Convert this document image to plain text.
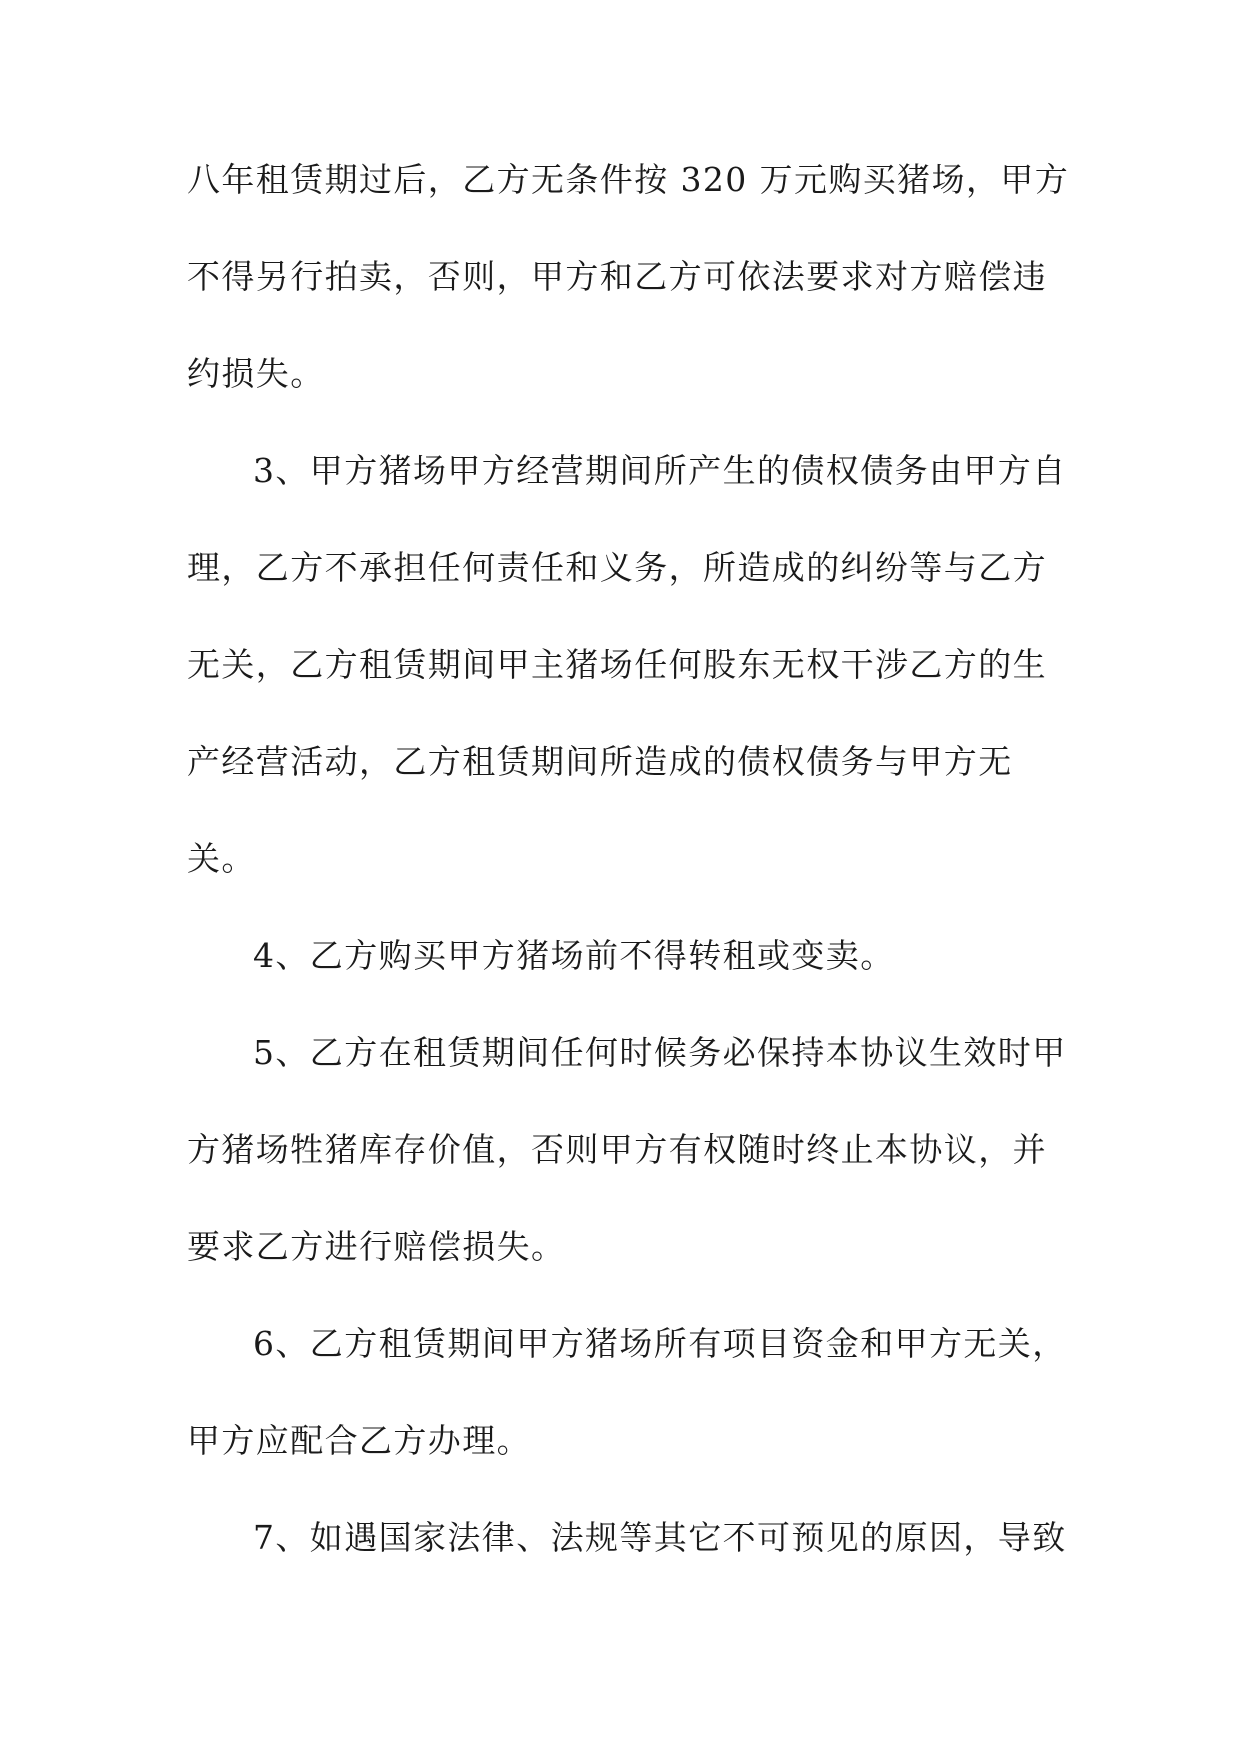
八年租赁期过后，乙方无条件按 320 万元购买猪场，甲方

不得另行拍卖，否则，甲方和乙方可依法要求对方赔偿违

约损失。

3、甲方猪场甲方经营期间所产生的债权债务由甲方自

理，乙方不承担任何责任和义务，所造成的纠纷等与乙方

无关，乙方租赁期间甲主猪场任何股东无权干涉乙方的生

产经营活动，乙方租赁期间所造成的债权债务与甲方无

关。

4、乙方购买甲方猪场前不得转租或变卖。

5、乙方在租赁期间任何时候务必保持本协议生效时甲

方猪场牲猪库存价值，否则甲方有权随时终止本协议，并

要求乙方进行赔偿损失。

6、乙方租赁期间甲方猪场所有项目资金和甲方无关，

甲方应配合乙方办理。

7、如遇国家法律、法规等其它不可预见的原因，导致
